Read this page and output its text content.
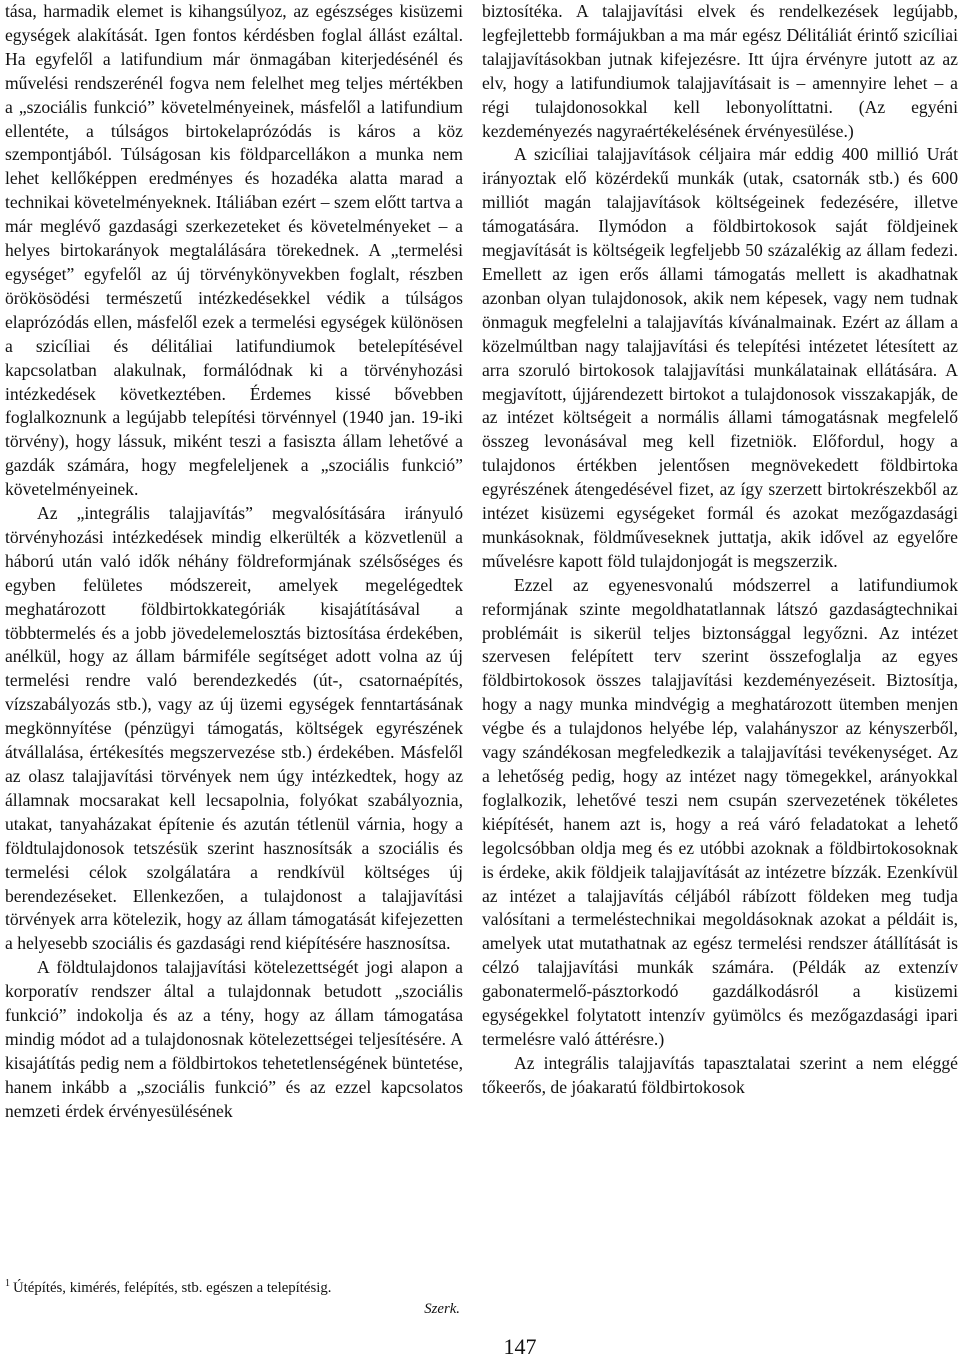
tása, harmadik elemet is kihangsúlyoz, az egészséges kisüzemi egységek alakítását. Igen fontos kérdésben foglal állást ezáltal. Ha egyfelől a latifundium már önmagában kiterjedésénél és művelési rendszerénél fogva nem felelhet meg teljes mértékben a „szociális funkció” követelményeinek, másfelől a latifundium ellentéte, a túlságos birtokelaprózódás is káros a köz szempontjából. Túlságosan kis földparcellákon a munka nem lehet kellőképpen eredményes és hozadéka alatta marad a technikai követelményeknek. Itáliában ezért – szem előtt tartva a már meglévő gazdasági szerkezeteket és követelményeket – a helyes birtokarányok megtalálására törekednek. A „termelési egységet” egyfelől az új törvénykönyvekben foglalt, részben örökösödési természetű intézkedésekkel védik a túlságos elaprózódás ellen, másfelől ezek a termelési egységek különösen a szicíliai és délitáliai latifundiumok betelepítésével kapcsolatban alakulnak, formálódnak ki a törvényhozási intézkedések következtében. Érdemes kissé bővebben foglalkoznunk a legújabb telepítési törvénnyel (1940 jan. 19-iki törvény), hogy lássuk, miként teszi a fasiszta állam lehetővé a gazdák számára, hogy megfeleljenek a „szociális funkció” követelményeinek.

Az „integrális talajjavítás” megvalósítására irányuló törvényhozási intézkedések mindig elkerülték a közvetlenül a háború után való idők néhány földreformjának szélsőséges és egyben felületes módszereit, amelyek megelégedtek meghatározott földbirtokkategóriák kisajátításával a többtermelés és a jobb jövedelemelosztás biztosítása érdekében, anélkül, hogy az állam bármiféle segítséget adott volna az új termelési rendre való berendezkedés (út-, csatornaépítés, vízszabályozás stb.), vagy az új üzemi egységek fenntartásának megkönnyítése (pénzügyi támogatás, költségek egyrészének átvállalása, értékesítés megszervezése stb.) érdekében. Másfelől az olasz talajjavítási törvények nem úgy intézkedtek, hogy az államnak mocsarakat kell lecsapolnia, folyókat szabályoznia, utakat, tanyaházakat építenie és azután tétlenül várnia, hogy a földtulajdonosok tetszésük szerint hasznosítsák a szociális és termelési célok szolgálatára a rendkívül költséges új berendezéseket. Ellenkezően, a tulajdonost a talajjavítási törvények arra kötelezik, hogy az állam támogatását kifejezetten a helyesebb szociális és gazdasági rend kiépítésére hasznosítsa.

A földtulajdonos talajjavítási kötelezettségét jogi alapon a korporatív rendszer által a tulajdonnak betudott „szociális funkció” indokolja és az a tény, hogy az állam támogatása mindig módot ad a tulajdonosnak kötelezettségei teljesítésére. A kisajátítás pedig nem a földbirtokos tehetetlenségének büntetése, hanem inkább a „szociális funkció” és az ezzel kapcsolatos nemzeti érdek érvényesülésének

biztosítéka. A talajjavítási elvek és rendelkezések legújabb, legfejlettebb formájukban a ma már egész Délitáliát érintő szicíliai talajjavításokban jutnak kifejezésre. Itt újra érvényre jutott az az elv, hogy a latifundiumok talajjavításait is – amennyire lehet – a régi tulajdonosokkal kell lebonyolíttatni. (Az egyéni kezdeményezés nagyraértékelésének érvényesülése.)

A szicíliai talajjavítások céljaira már eddig 400 millió Urát irányoztak elő közérdekű munkák (utak, csatornák stb.) és 600 milliót magán talajjavítások költségeinek fedezésére, illetve támogatására. Ilymódon a földbirtokosok saját földjeinek megjavítását is költségeik legfeljebb 50 százalékig az állam fedezi. Emellett az igen erős állami támogatás mellett is akadhatnak azonban olyan tulajdonosok, akik nem képesek, vagy nem tudnak önmaguk megfelelni a talajjavítás kívánalmainak. Ezért az állam a közelmúltban nagy talajjavítási és telepítési intézetet létesített az arra szoruló birtokosok talajjavítási munkálatainak ellátására. A megjavított, újjárendezett birtokot a tulajdonosok visszakapják, de az intézet költségeit a normális állami támogatásnak megfelelő összeg levonásával meg kell fizetniök. Előfordul, hogy a tulajdonos értékben jelentősen megnövekedett földbirtoka egyrészének átengedésével fizet, az így szerzett birtokrészekből az intézet kisüzemi egységeket formál és azokat mezőgazdasági munkásoknak, földműveseknek juttatja, akik idővel az egyelőre művelésre kapott föld tulajdonjogát is megszerzik.

Ezzel az egyenesvonalú módszerrel a latifundiumok reformjának szinte megoldhatatlannak látszó gazdaságtechnikai problémáit is sikerül teljes biztonsággal legyőzni. Az intézet szervesen felépített terv szerint összefoglalja az egyes földbirtokosok összes talajjavítási kezdeményezéseit. Biztosítja, hogy a nagy munka mindvégig a meghatározott ütemben menjen végbe és a tulajdonos helyébe lép, valahányszor az kényszerből, vagy szándékosan megfeledkezik a talajjavítási tevékenységet. Az a lehetőség pedig, hogy az intézet nagy tömegekkel, arányokkal foglalkozik, lehetővé teszi nem csupán szervezetének tökéletes kiépítését, hanem azt is, hogy a reá váró feladatokat a lehető legolcsóbban oldja meg és ez utóbbi azoknak a földbirtokosoknak is érdeke, akik földjeik talajjavítását az intézetre bízzák. Ezenkívül az intézet a talajjavítás céljából rábízott földeken meg tudja valósítani a termeléstechnikai megoldásoknak azokat a példáit is, amelyek utat mutathatnak az egész termelési rendszer átállítását is célzó talajjavítási munkák számára. (Példák az extenzív gabonatermelő-pásztorkodó gazdálkodásról a kisüzemi egységekkel folytatott intenzív gyümölcs és mezőgazdasági ipari termelésre való áttérésre.)

Az integrális talajjavítás tapasztalatai szerint a nem eléggé tőkeerős, de jóakaratú földbirtokosok

$^1$ Útépítés, kimérés, felépítés, stb. egészen a telepítésig.
Szerk.
147
